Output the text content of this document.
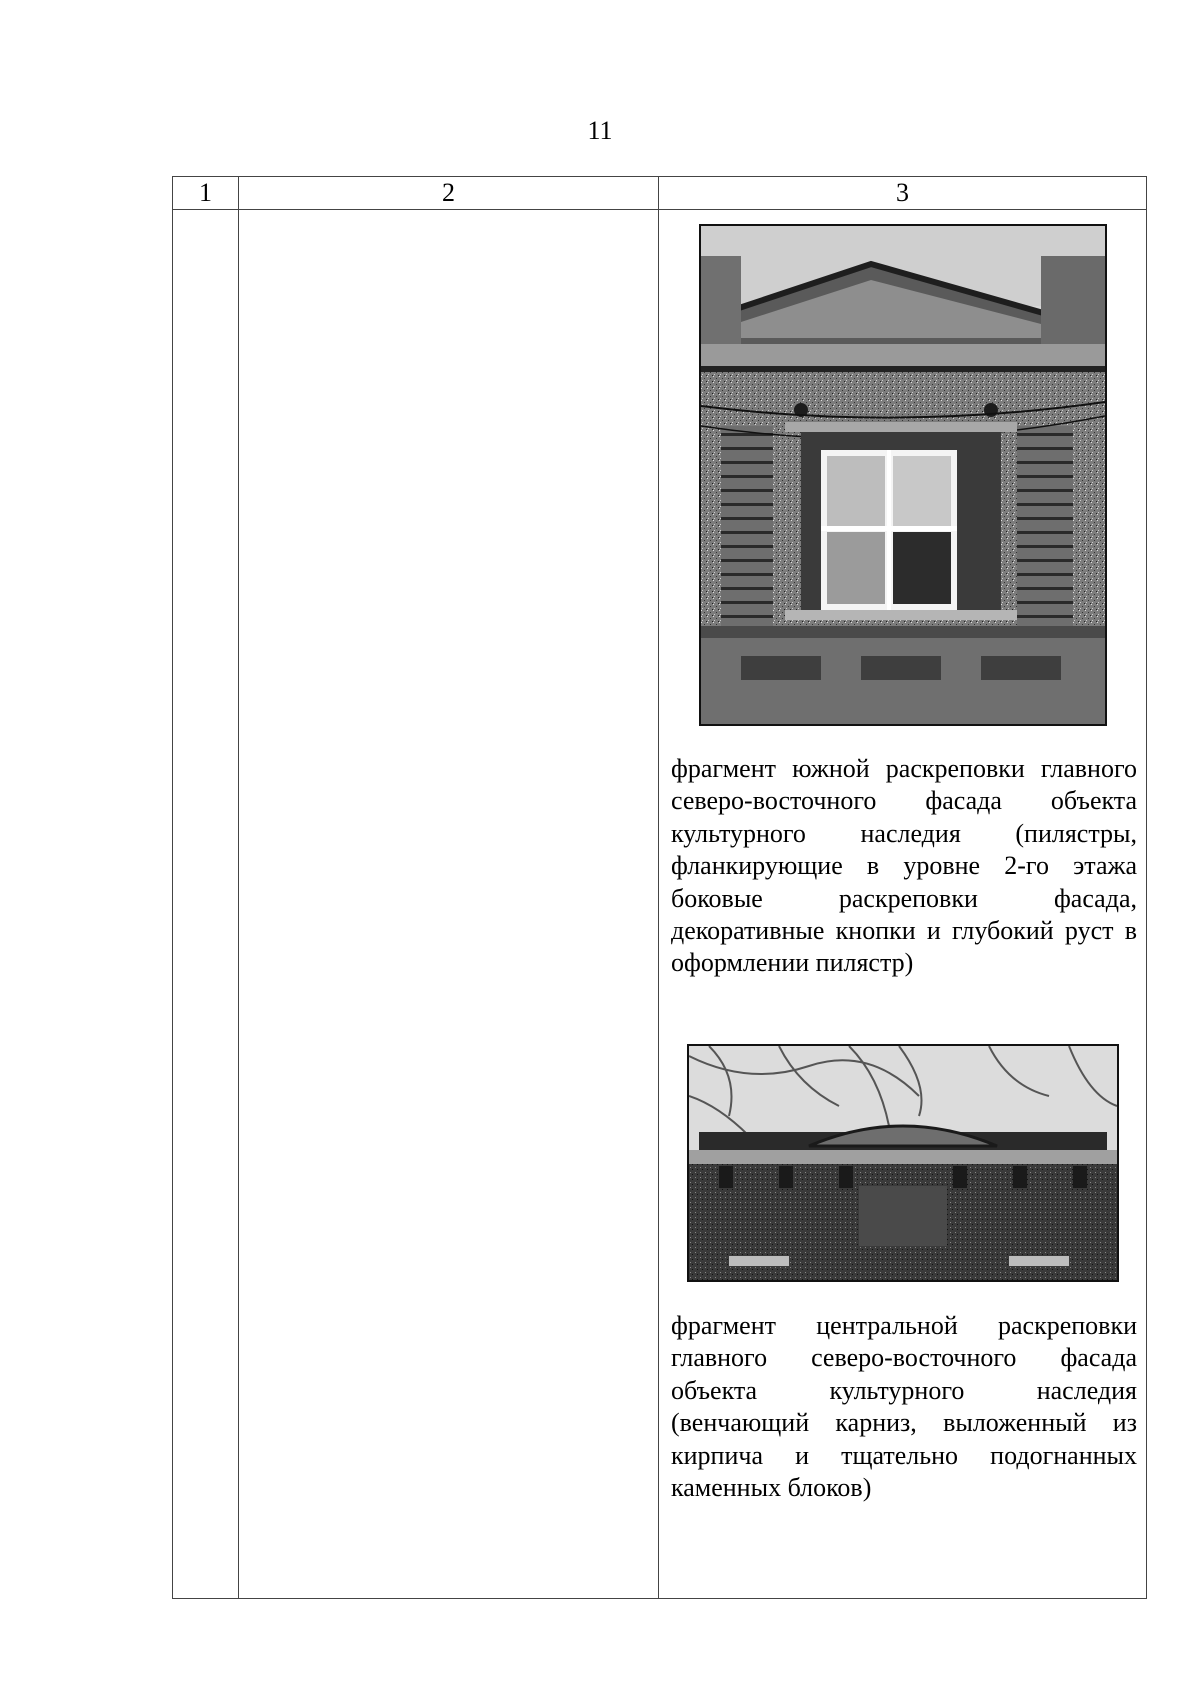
11
1	2	3

		фрагмент южной раскреповки главного северо-восточного фасада объекта культурного наследия (пилястры, фланкирующие в уровне 2-го этажа боковые раскреповки фасада, декоративные кнопки и глубокий руст в оформлении пилястр)
фрагмент центральной раскреповки главного северо-восточного фасада объекта культурного наследия (венчающий карниз, выложенный из кирпича и тщательно подогнанных каменных блоков)
